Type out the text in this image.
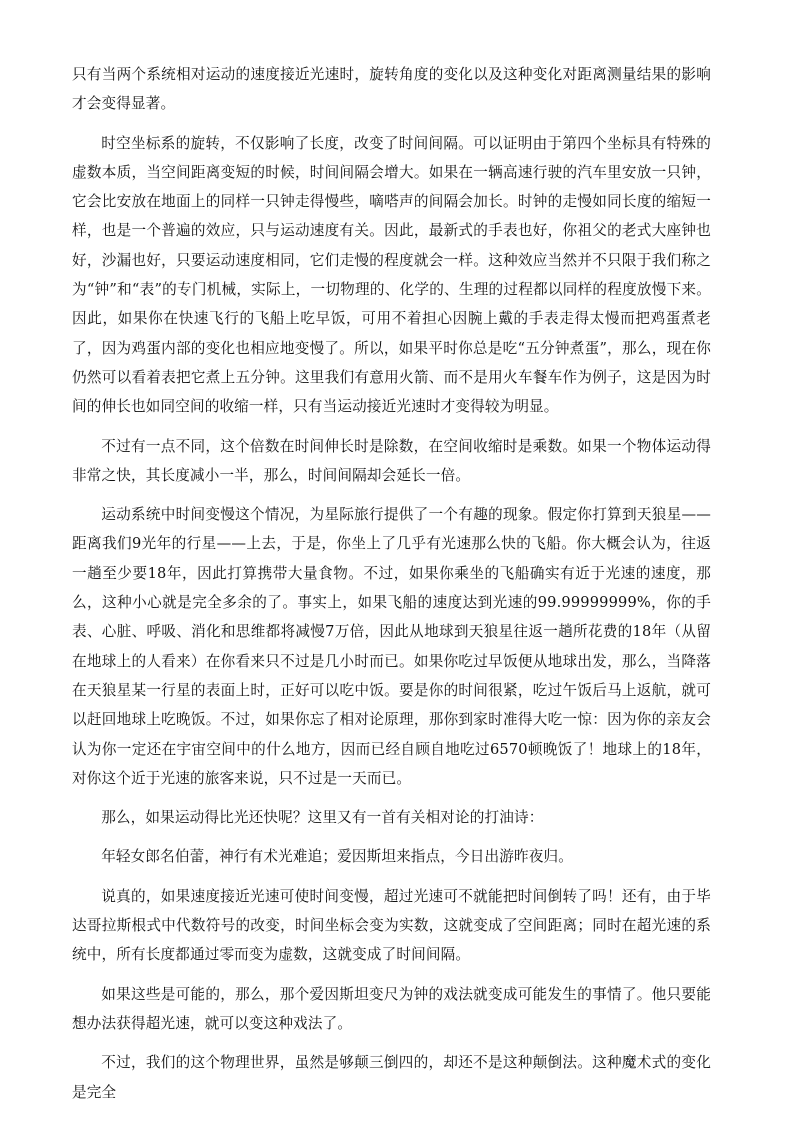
只有当两个系统相对运动的速度接近光速时，旋转角度的变化以及这种变化对距离测量结果的影响才会变得显著。

时空坐标系的旋转，不仅影响了长度，改变了时间间隔。可以证明由于第四个坐标具有特殊的虚数本质，当空间距离变短的时候，时间间隔会增大。如果在一辆高速行驶的汽车里安放一只钟，它会比安放在地面上的同样一只钟走得慢些，嘀嗒声的间隔会加长。时钟的走慢如同长度的缩短一样，也是一个普遍的效应，只与运动速度有关。因此，最新式的手表也好，你祖父的老式大座钟也好，沙漏也好，只要运动速度相同，它们走慢的程度就会一样。这种效应当然并不只限于我们称之为“钟”和“表”的专门机械，实际上，一切物理的、化学的、生理的过程都以同样的程度放慢下来。因此，如果你在快速飞行的飞船上吃早饭，可用不着担心因腕上戴的手表走得太慢而把鸡蛋煮老了，因为鸡蛋内部的变化也相应地变慢了。所以，如果平时你总是吃“五分钟煮蛋”，那么，现在你仍然可以看着表把它煮上五分钟。这里我们有意用火箭、而不是用火车餐车作为例子，这是因为时间的伸长也如同空间的收缩一样，只有当运动接近光速时才变得较为明显。

不过有一点不同，这个倍数在时间伸长时是除数，在空间收缩时是乘数。如果一个物体运动得非常之快，其长度减小一半，那么，时间间隔却会延长一倍。

运动系统中时间变慢这个情况，为星际旅行提供了一个有趣的现象。假定你打算到天狼星——距离我们9光年的行星——上去，于是，你坐上了几乎有光速那么快的飞船。你大概会认为，往返一趟至少要18年，因此打算携带大量食物。不过，如果你乘坐的飞船确实有近于光速的速度，那么，这种小心就是完全多余的了。事实上，如果飞船的速度达到光速的99.99999999%，你的手表、心脏、呼吸、消化和思维都将减慢7万倍，因此从地球到天狼星往返一趟所花费的18年（从留在地球上的人看来）在你看来只不过是几小时而已。如果你吃过早饭便从地球出发，那么，当降落在天狼星某一行星的表面上时，正好可以吃中饭。要是你的时间很紧，吃过午饭后马上返航，就可以赶回地球上吃晚饭。不过，如果你忘了相对论原理，那你到家时准得大吃一惊：因为你的亲友会认为你一定还在宇宙空间中的什么地方，因而已经自顾自地吃过6570顿晚饭了！地球上的18年，对你这个近于光速的旅客来说，只不过是一天而已。

那么，如果运动得比光还快呢？这里又有一首有关相对论的打油诗：

年轻女郎名伯蕾，神行有术光难追；爱因斯坦来指点，今日出游昨夜归。

说真的，如果速度接近光速可使时间变慢，超过光速可不就能把时间倒转了吗！还有，由于毕达哥拉斯根式中代数符号的改变，时间坐标会变为实数，这就变成了空间距离；同时在超光速的系统中，所有长度都通过零而变为虚数，这就变成了时间间隔。

如果这些是可能的，那么，那个爱因斯坦变尺为钟的戏法就变成可能发生的事情了。他只要能想办法获得超光速，就可以变这种戏法了。

不过，我们的这个物理世界，虽然是够颠三倒四的，却还不是这种颠倒法。这种魔术式的变化是完全
